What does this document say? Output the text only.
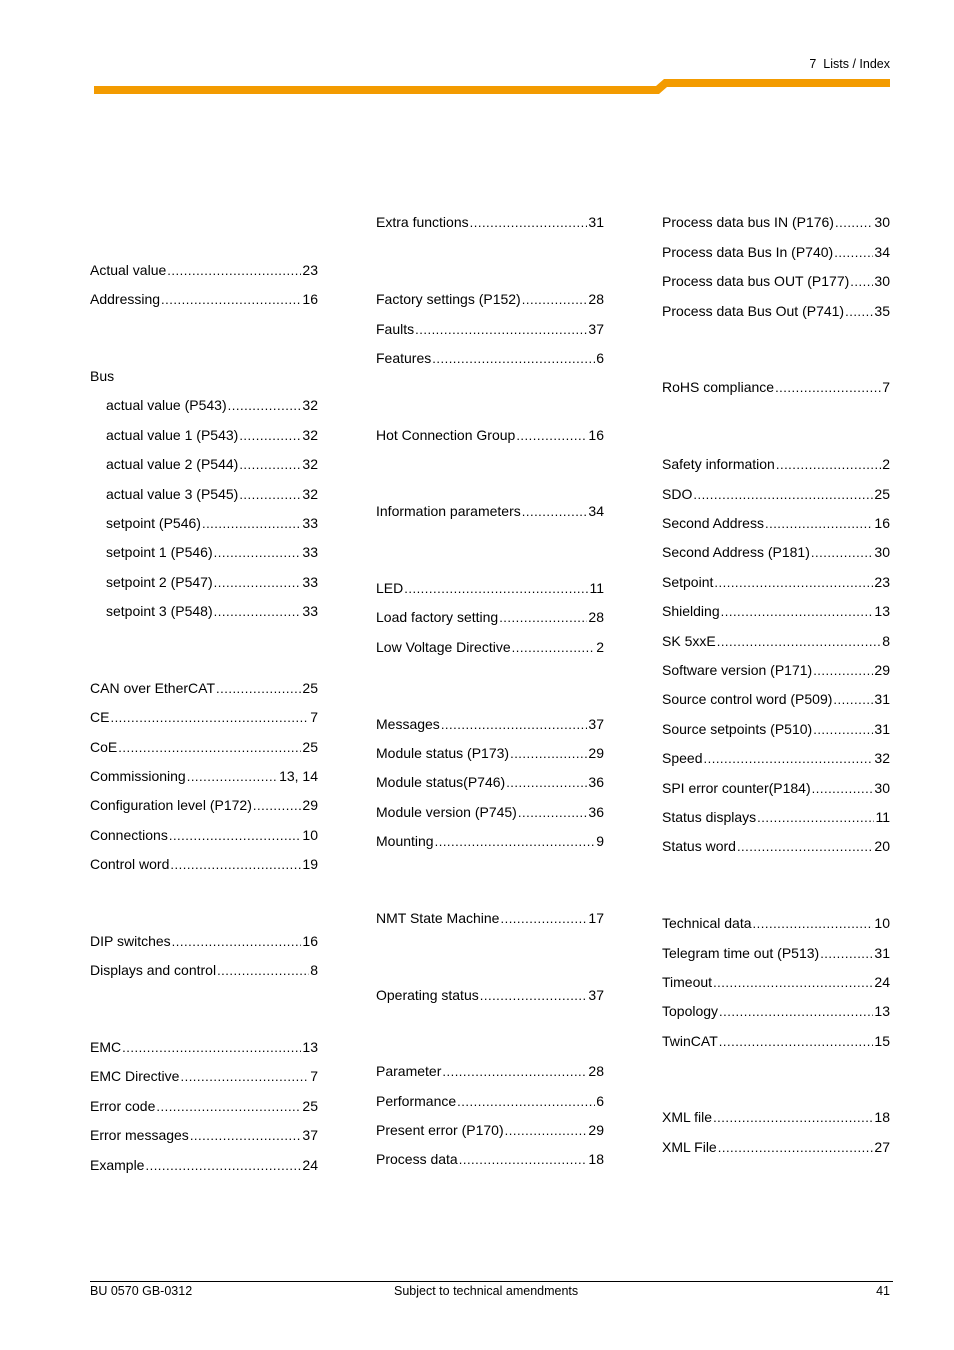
7  Lists / Index
Actual value .....	23
Addressing .....	16
Bus
actual value (P543) .....	32
actual value 1 (P543) .....	32
actual value 2 (P544) .....	32
actual value 3 (P545) .....	32
setpoint (P546) .....	33
setpoint 1 (P546) .....	33
setpoint 2 (P547) .....	33
setpoint 3 (P548) .....	33
CAN over EtherCAT .....	25
CE .....	7
CoE .....	25
Commissioning .....	13, 14
Configuration level (P172) .....	29
Connections .....	10
Control word .....	19
DIP switches .....	16
Displays and control .....	8
EMC .....	13
EMC Directive .....	7
Error code .....	25
Error messages .....	37
Example .....	24
Extra functions .....	31
Factory settings (P152) .....	28
Faults .....	37
Features .....	6
Hot Connection Group .....	16
Information parameters .....	34
LED .....	11
Load factory setting .....	28
Low Voltage Directive .....	2
Messages .....	37
Module status (P173) .....	29
Module status(P746) .....	36
Module version (P745) .....	36
Mounting .....	9
NMT State Machine .....	17
Operating status .....	37
Parameter .....	28
Performance .....	6
Present error (P170) .....	29
Process data .....	18
Process data bus IN (P176) .....	30
Process data Bus In (P740) .....	34
Process data bus OUT (P177) ..... 30
Process data Bus Out (P741) ..... 35
RoHS compliance .....	7
Safety information .....	2
SDO .....	25
Second Address .....	16
Second Address (P181) .....	30
Setpoint .....	23
Shielding .....	13
SK 5xxE .....	8
Software version (P171) .....	29
Source control word (P509) .....	31
Source setpoints (P510) .....	31
Speed .....	32
SPI error counter(P184) .....	30
Status displays .....	11
Status word .....	20
Technical data .....	10
Telegram time out (P513) .....	31
Timeout .....	24
Topology .....	13
TwinCAT .....	15
XML file .....	18
XML File .....	27
BU 0570 GB-0312	Subject to technical amendments	41
